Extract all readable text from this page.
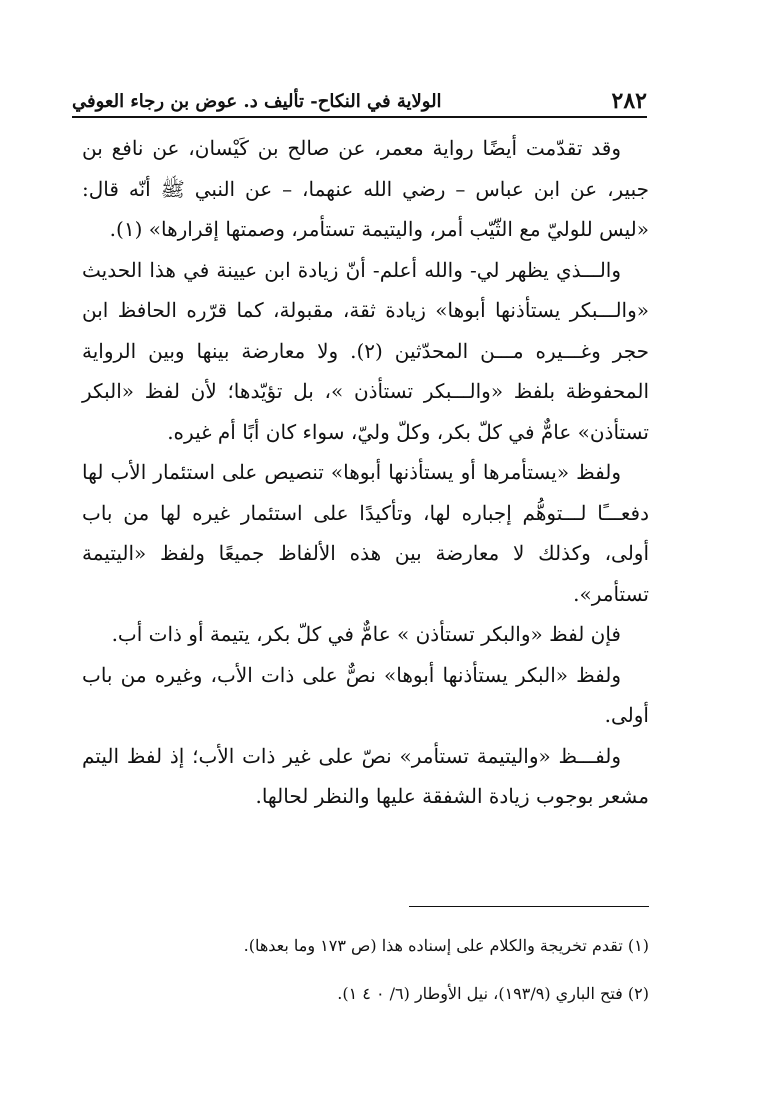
الولاية في النكاح- تأليف د. عوض بن رجاء العوفي	٢٨٢

وقد تقدّمت أيضًا رواية معمر، عن صالح بن كَيْسان، عن نافع بن جبير، عن ابن عباس – رضي الله عنهما، – عن النبي ﷺ أنّه قال: «ليس للوليّ مع الثّيّب أمر، واليتيمة تستأمر، وصمتها إقرارها» (١).

والـــذي يظهر لي- والله أعلم- أنّ زيادة ابن عيينة في هذا الحديث «والـــبكر يستأذنها أبوها» زيادة ثقة، مقبولة، كما قرّره الحافظ ابن حجر وغـــيره مـــن المحدّثين (٢). ولا معارضة بينها وبين الرواية المحفوظة بلفظ «والـــبكر تستأذن »، بل تؤيّدها؛ لأن لفظ «البكر تستأذن» عامٌّ في كلّ بكر، وكلّ وليّ، سواء كان أبًا أم غيره.

ولفظ «يستأمرها أو يستأذنها أبوها» تنصيص على استئمار الأب لها دفعـــًا لـــتوهُّم إجباره لها، وتأكيدًا على استئمار غيره لها من باب أولى، وكذلك لا معارضة بين هذه الألفاظ جميعًا ولفظ «اليتيمة تستأمر».

فإن لفظ «والبكر تستأذن » عامٌّ في كلّ بكر، يتيمة أو ذات أب.

ولفظ «البكر يستأذنها أبوها» نصٌّ على ذات الأب، وغيره من باب أولى.

ولفـــظ «واليتيمة تستأمر» نصّ على غير ذات الأب؛ إذ لفظ اليتم مشعر بوجوب زيادة الشفقة عليها والنظر لحالها.

(١) تقدم تخريجة والكلام على إسناده هذا (ص ١٧٣ وما بعدها).

(٢) فتح الباري (١٩٣/٩)، نيل الأوطار (٦/ ٠ ٤ ١).
